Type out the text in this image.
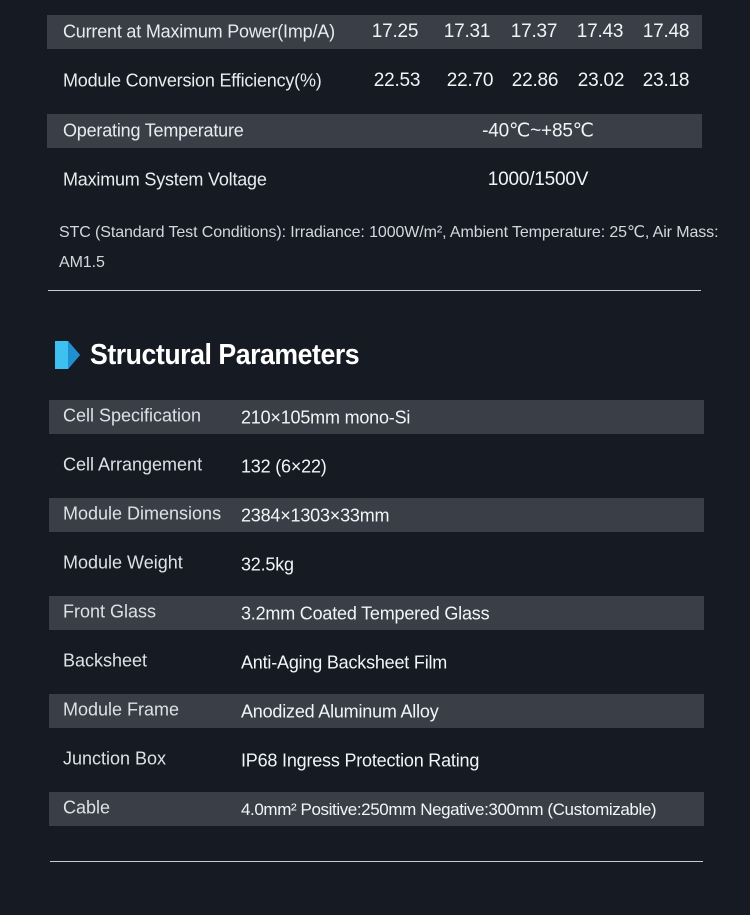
Current at Maximum Power(Imp/A)	17.25	17.31	17.37	17.43	17.48
Module Conversion Efficiency(%)	22.53	22.70 22.86	23.02 23.18
Operating Temperature	-40℃~+85℃
Maximum System Voltage	1000/1500V
STC (Standard Test Conditions): Irradiance: 1000W/m², Ambient Temperature: 25℃, Air Mass: AM1.5
Structural Parameters
Cell Specification 210×105mm mono-Si
Cell Arrangement 132 (6×22)
Module Dimensions 2384×1303×33mm
Module Weight	32.5kg
Front Glass	3.2mm Coated Tempered Glass
Backsheet	Anti-Aging Backsheet Film
Module Frame	Anodized Aluminum Alloy
Junction Box	IP68 Ingress Protection Rating
Cable	4.0mm² Positive:250mm Negative:300mm (Customizable)
